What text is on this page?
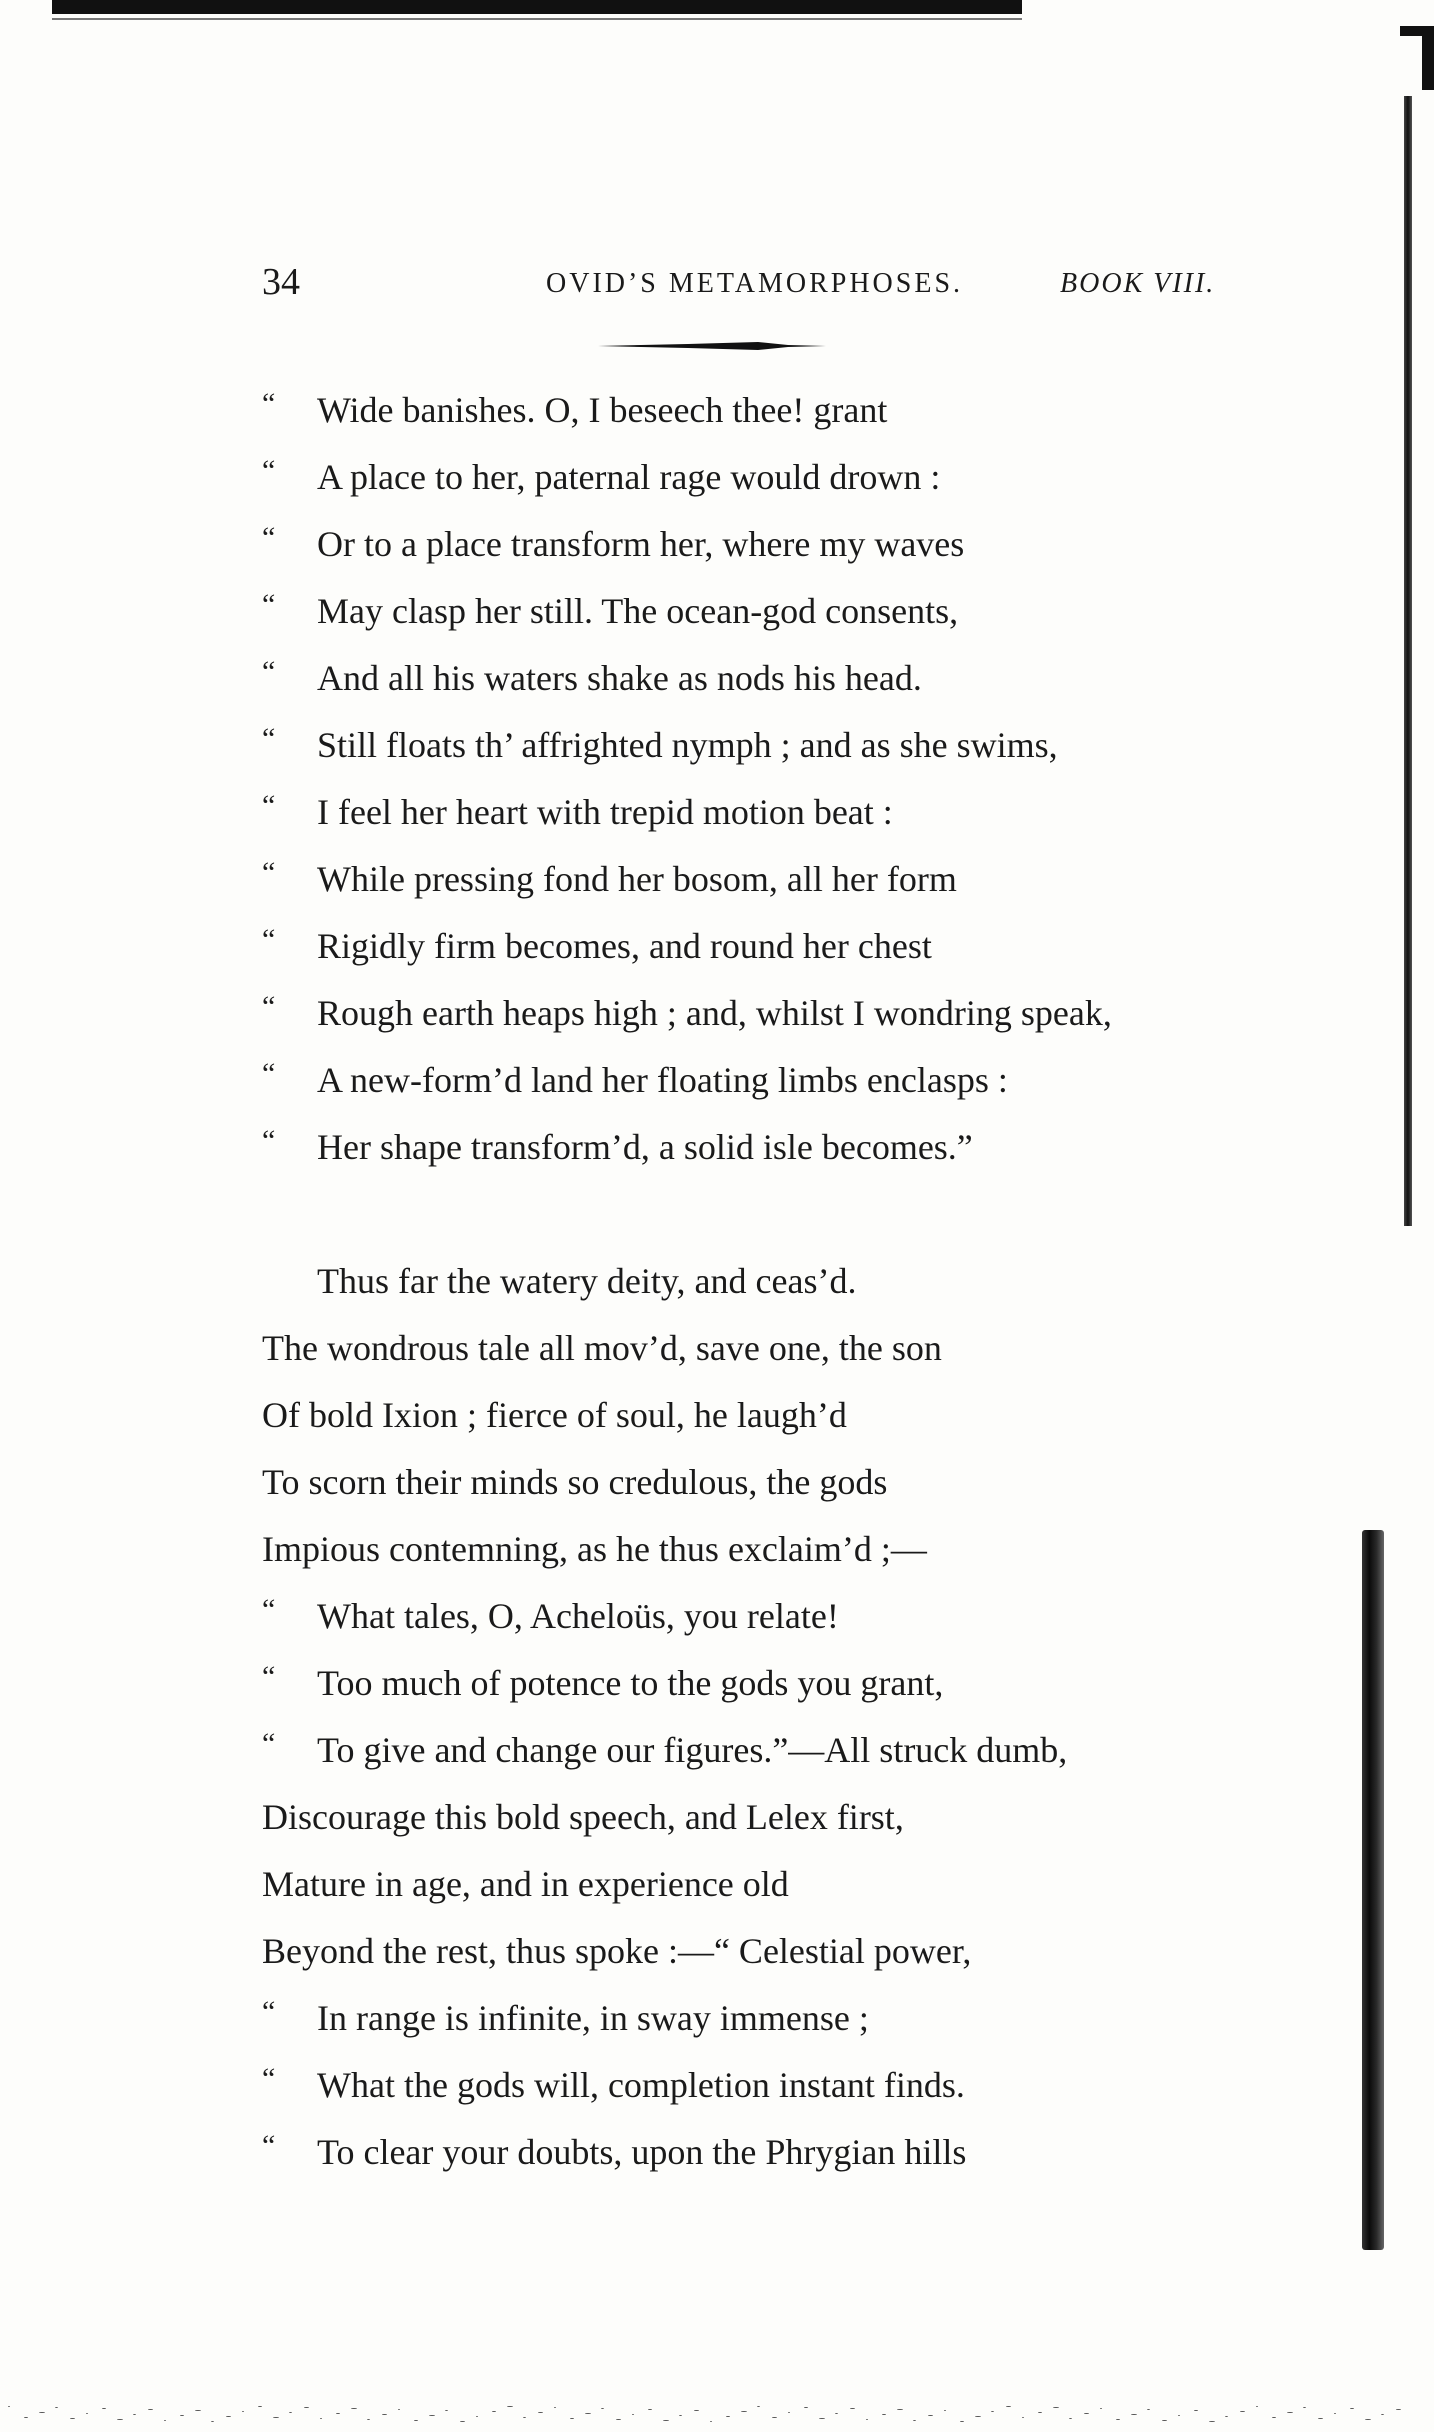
34	OVID’S METAMORPHOSES.	BOOK VIII.
“ Wide banishes. O, I beseech thee! grant
“ A place to her, paternal rage would drown :
“ Or to a place transform her, where my waves
“ May clasp her still. The ocean-god consents,
“ And all his waters shake as nods his head.
“ Still floats th’ affrighted nymph ; and as she swims,
“ I feel her heart with trepid motion beat :
“ While pressing fond her bosom, all her form
“ Rigidly firm becomes, and round her chest
“ Rough earth heaps high ; and, whilst I wondring speak,
“ A new-form’d land her floating limbs enclasps :
“ Her shape transform’d, a solid isle becomes.”
Thus far the watery deity, and ceas’d.
The wondrous tale all mov’d, save one, the son
Of bold Ixion ; fierce of soul, he laugh’d
To scorn their minds so credulous, the gods
Impious contemning, as he thus exclaim’d ;—
“ What tales, O, Acheloüs, you relate!
“ Too much of potence to the gods you grant,
“ To give and change our figures.”—All struck dumb,
Discourage this bold speech, and Lelex first,
Mature in age, and in experience old
Beyond the rest, thus spoke :—“ Celestial power,
“ In range is infinite, in sway immense ;
“ What the gods will, completion instant finds.
“ To clear your doubts, upon the Phrygian hills
